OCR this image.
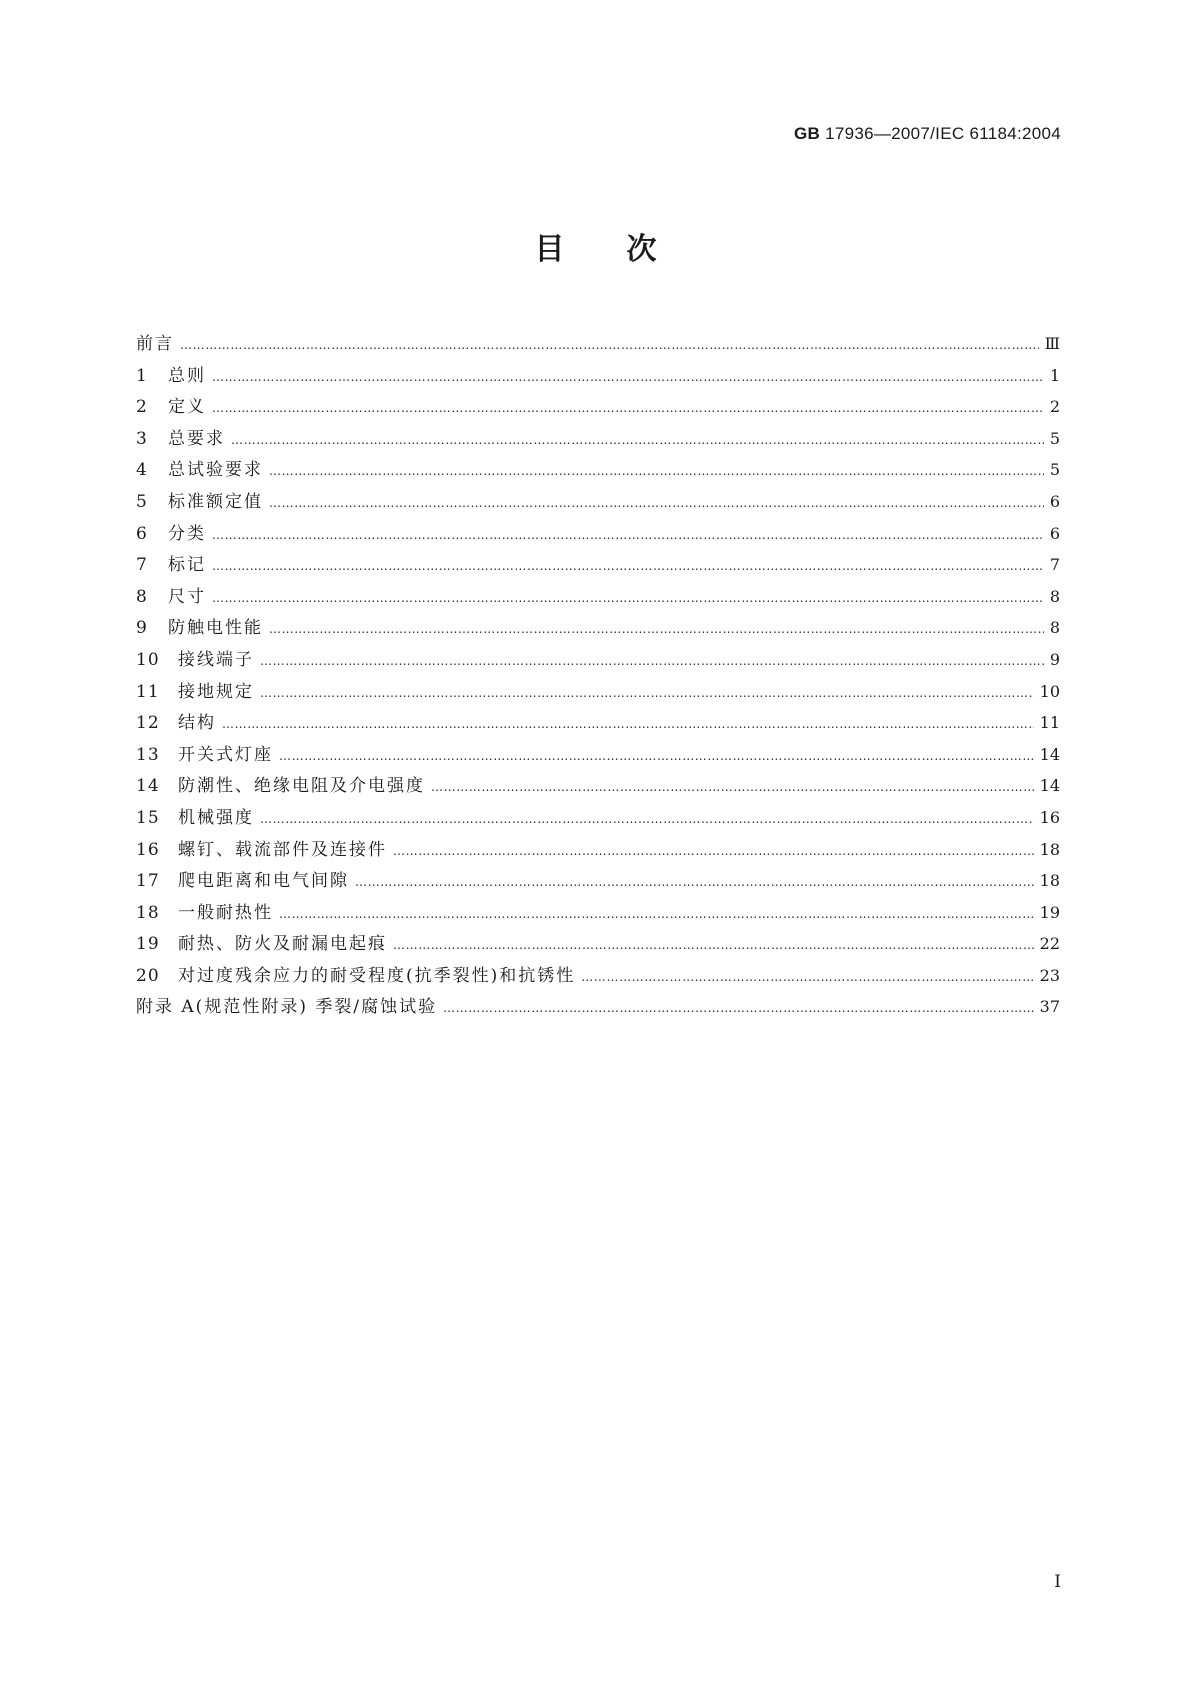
GB 17936—2007/IEC 61184:2004
目次
前言 …………………………………………………………………………………………………………………………………………………………………………………………………………………………………………………………	Ⅲ
1	总则 …………………………………………………………………………………………………………………………………………………………………………………………………………………………………………………………	1
2	定义 …………………………………………………………………………………………………………………………………………………………………………………………………………………………………………………………	2
3	总要求 …………………………………………………………………………………………………………………………………………………………………………………………………………………………………………………………	5
4	总试验要求 …………………………………………………………………………………………………………………………………………………………………………………………………………………………………………………………	5
5	标准额定值 …………………………………………………………………………………………………………………………………………………………………………………………………………………………………………………………	6
6	分类 …………………………………………………………………………………………………………………………………………………………………………………………………………………………………………………………	6
7	标记 …………………………………………………………………………………………………………………………………………………………………………………………………………………………………………………………	7
8	尺寸 …………………………………………………………………………………………………………………………………………………………………………………………………………………………………………………………	8
9	防触电性能 …………………………………………………………………………………………………………………………………………………………………………………………………………………………………………………………	8
10	接线端子 …………………………………………………………………………………………………………………………………………………………………………………………………………………………………………………………	9
11	接地规定 …………………………………………………………………………………………………………………………………………………………………………………………………………………………………………………………	10
12	结构 …………………………………………………………………………………………………………………………………………………………………………………………………………………………………………………………	11
13	开关式灯座 …………………………………………………………………………………………………………………………………………………………………………………………………………………………………………………………	14
14	防潮性、绝缘电阻及介电强度 …………………………………………………………………………………………………………………………………………………………………………………………………………………………………………………………	14
15	机械强度 …………………………………………………………………………………………………………………………………………………………………………………………………………………………………………………………	16
16	螺钉、载流部件及连接件 …………………………………………………………………………………………………………………………………………………………………………………………………………………………………………………………	18
17	爬电距离和电气间隙 …………………………………………………………………………………………………………………………………………………………………………………………………………………………………………………………	18
18	一般耐热性 …………………………………………………………………………………………………………………………………………………………………………………………………………………………………………………………	19
19	耐热、防火及耐漏电起痕 …………………………………………………………………………………………………………………………………………………………………………………………………………………………………………………………	22
20	对过度残余应力的耐受程度(抗季裂性)和抗锈性 …………………………………………………………………………………………………………………………………………………………………………………………………………………………………………………………	23
附录 A(规范性附录) 季裂/腐蚀试验 …………………………………………………………………………………………………………………………………………………………………………………………………………………………………………………………	37
I
